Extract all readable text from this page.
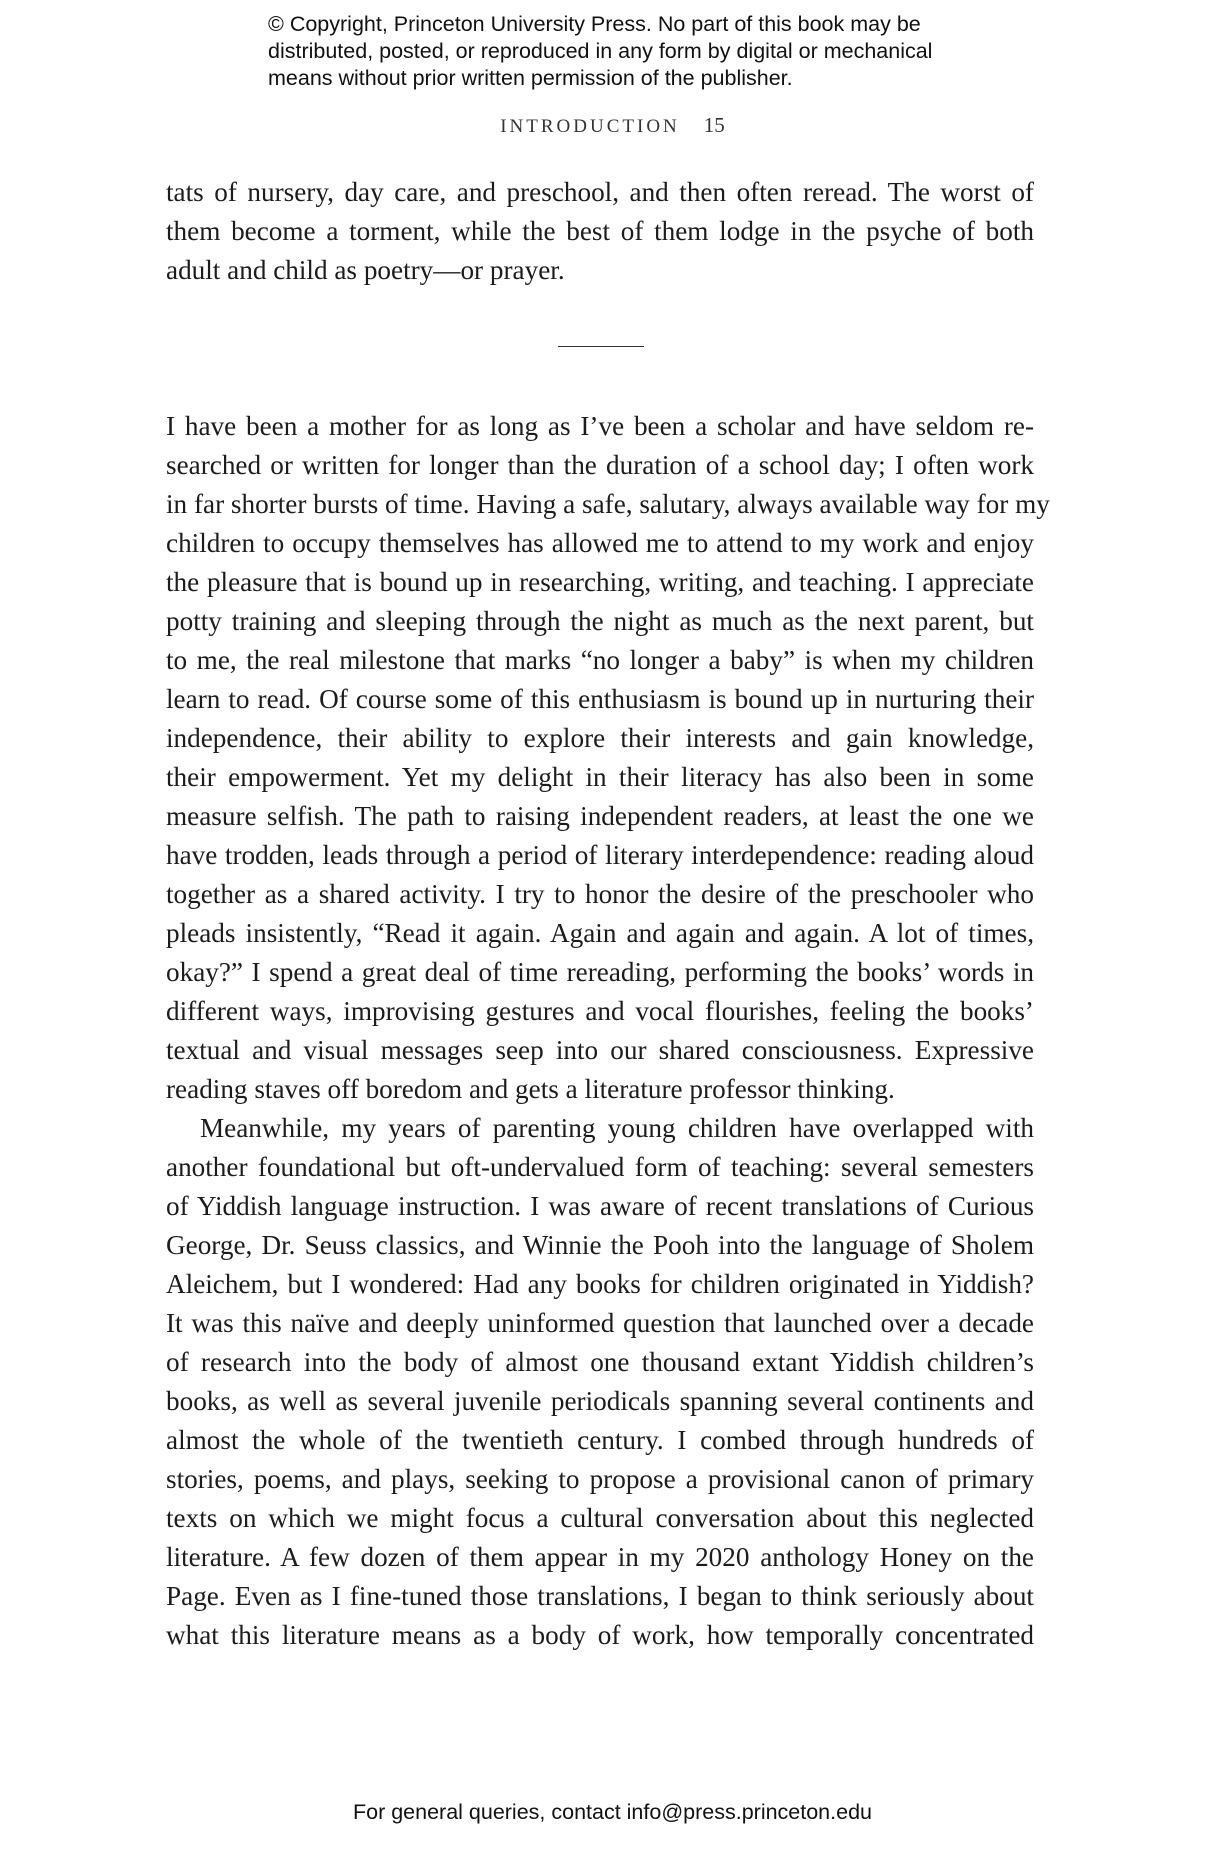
© Copyright, Princeton University Press. No part of this book may be
distributed, posted, or reproduced in any form by digital or mechanical
means without prior written permission of the publisher.
INTRODUCTION 15
tats of nursery, day care, and preschool, and then often reread. The worst of
them become a torment, while the best of them lodge in the psyche of both
adult and child as poetry—or prayer.
I have been a mother for as long as I’ve been a scholar and have seldom re-
searched or written for longer than the duration of a school day; I often work
in far shorter bursts of time. Having a safe, salutary, always available way for my
children to occupy themselves has allowed me to attend to my work and enjoy
the pleasure that is bound up in researching, writing, and teaching. I appreciate
potty training and sleeping through the night as much as the next parent, but
to me, the real milestone that marks “no longer a baby” is when my children
learn to read. Of course some of this enthusiasm is bound up in nurturing their
independence, their ability to explore their interests and gain knowledge,
their empowerment. Yet my delight in their literacy has also been in some
measure selfish. The path to raising independent readers, at least the one we
have trodden, leads through a period of literary interdependence: reading aloud
together as a shared activity. I try to honor the desire of the preschooler who
pleads insistently, “Read it again. Again and again and again. A lot of times,
okay?” I spend a great deal of time rereading, performing the books’ words in
different ways, improvising gestures and vocal flourishes, feeling the books’
textual and visual messages seep into our shared consciousness. Expressive
reading staves off boredom and gets a literature professor thinking.
Meanwhile, my years of parenting young children have overlapped with
another foundational but oft-undervalued form of teaching: several semesters
of Yiddish language instruction. I was aware of recent translations of Curious
George, Dr. Seuss classics, and Winnie the Pooh into the language of Sholem
Aleichem, but I wondered: Had any books for children originated in Yiddish?
It was this naïve and deeply uninformed question that launched over a decade
of research into the body of almost one thousand extant Yiddish children’s
books, as well as several juvenile periodicals spanning several continents and
almost the whole of the twentieth century. I combed through hundreds of
stories, poems, and plays, seeking to propose a provisional canon of primary
texts on which we might focus a cultural conversation about this neglected
literature. A few dozen of them appear in my 2020 anthology Honey on the
Page. Even as I fine-tuned those translations, I began to think seriously about
what this literature means as a body of work, how temporally concentrated
For general queries, contact info@press.princeton.edu
